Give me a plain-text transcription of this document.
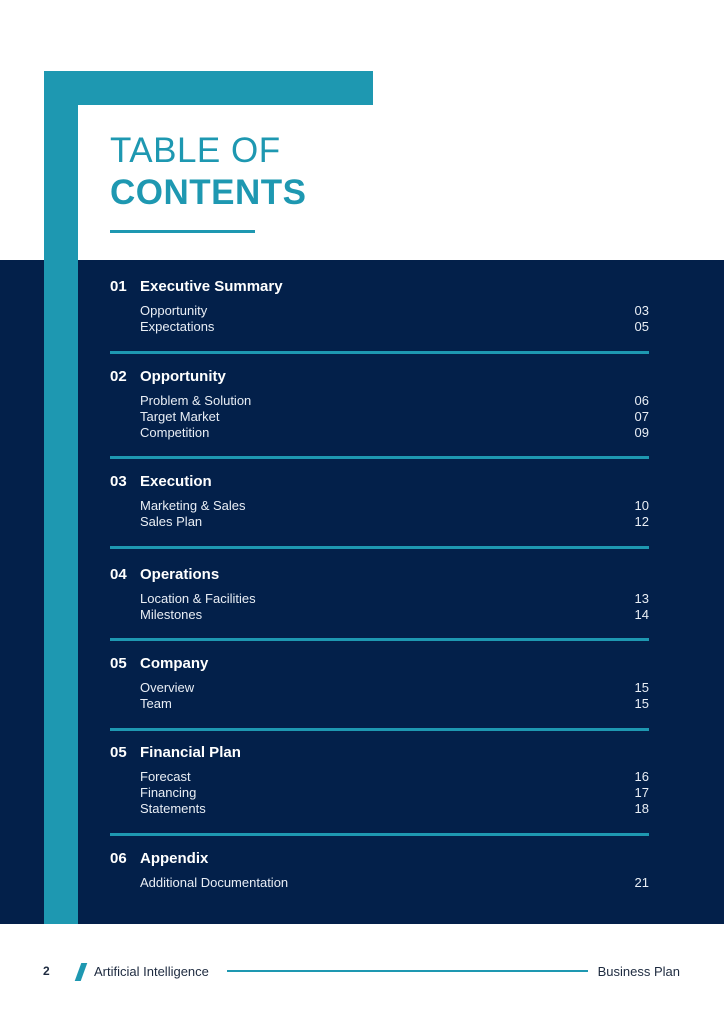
TABLE OF
CONTENTS
01 Executive Summary
Opportunity	03
Expectations	05
02 Opportunity
Problem & Solution	06
Target Market	07
Competition	09
03 Execution
Marketing & Sales	10
Sales Plan	12
04 Operations
Location & Facilities	13
Milestones	14
05 Company
Overview	15
Team	15
05 Financial Plan
Forecast	16
Financing	17
Statements	18
06 Appendix
Additional Documentation	21
2	Artificial Intelligence	Business Plan
